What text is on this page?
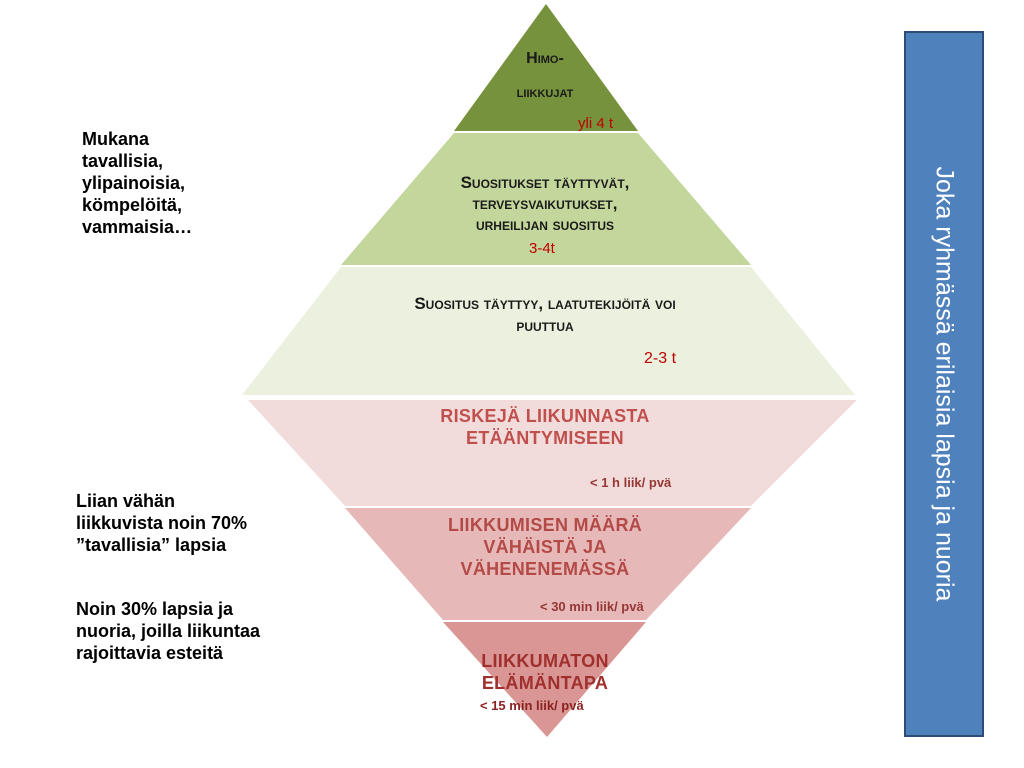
Himo-
liikkujat
yli 4 t
Suositukset täyttyvät,
terveysvaikutukset,
urheilijan suositus
3-4t
Suositus täyttyy, laatutekijöitä voi
puuttua
2-3 t
RISKEJÄ LIIKUNNASTA
ETÄÄNTYMISEEN
< 1 h liik/ pvä
LIIKKUMISEN MÄÄRÄ
VÄHÄISTÄ JA
VÄHENENEMÄSSÄ
< 30 min liik/ pvä
LIIKKUMATON
ELÄMÄNTAPA
< 15 min liik/ pvä
Mukana
tavallisia,
ylipainoisia,
kömpelöitä,
vammaisia…
Liian vähän
liikkuvista noin 70%
”tavallisia” lapsia
Noin 30% lapsia ja
nuoria, joilla liikuntaa
rajoittavia esteitä
Joka ryhmässä erilaisia lapsia ja nuoria
